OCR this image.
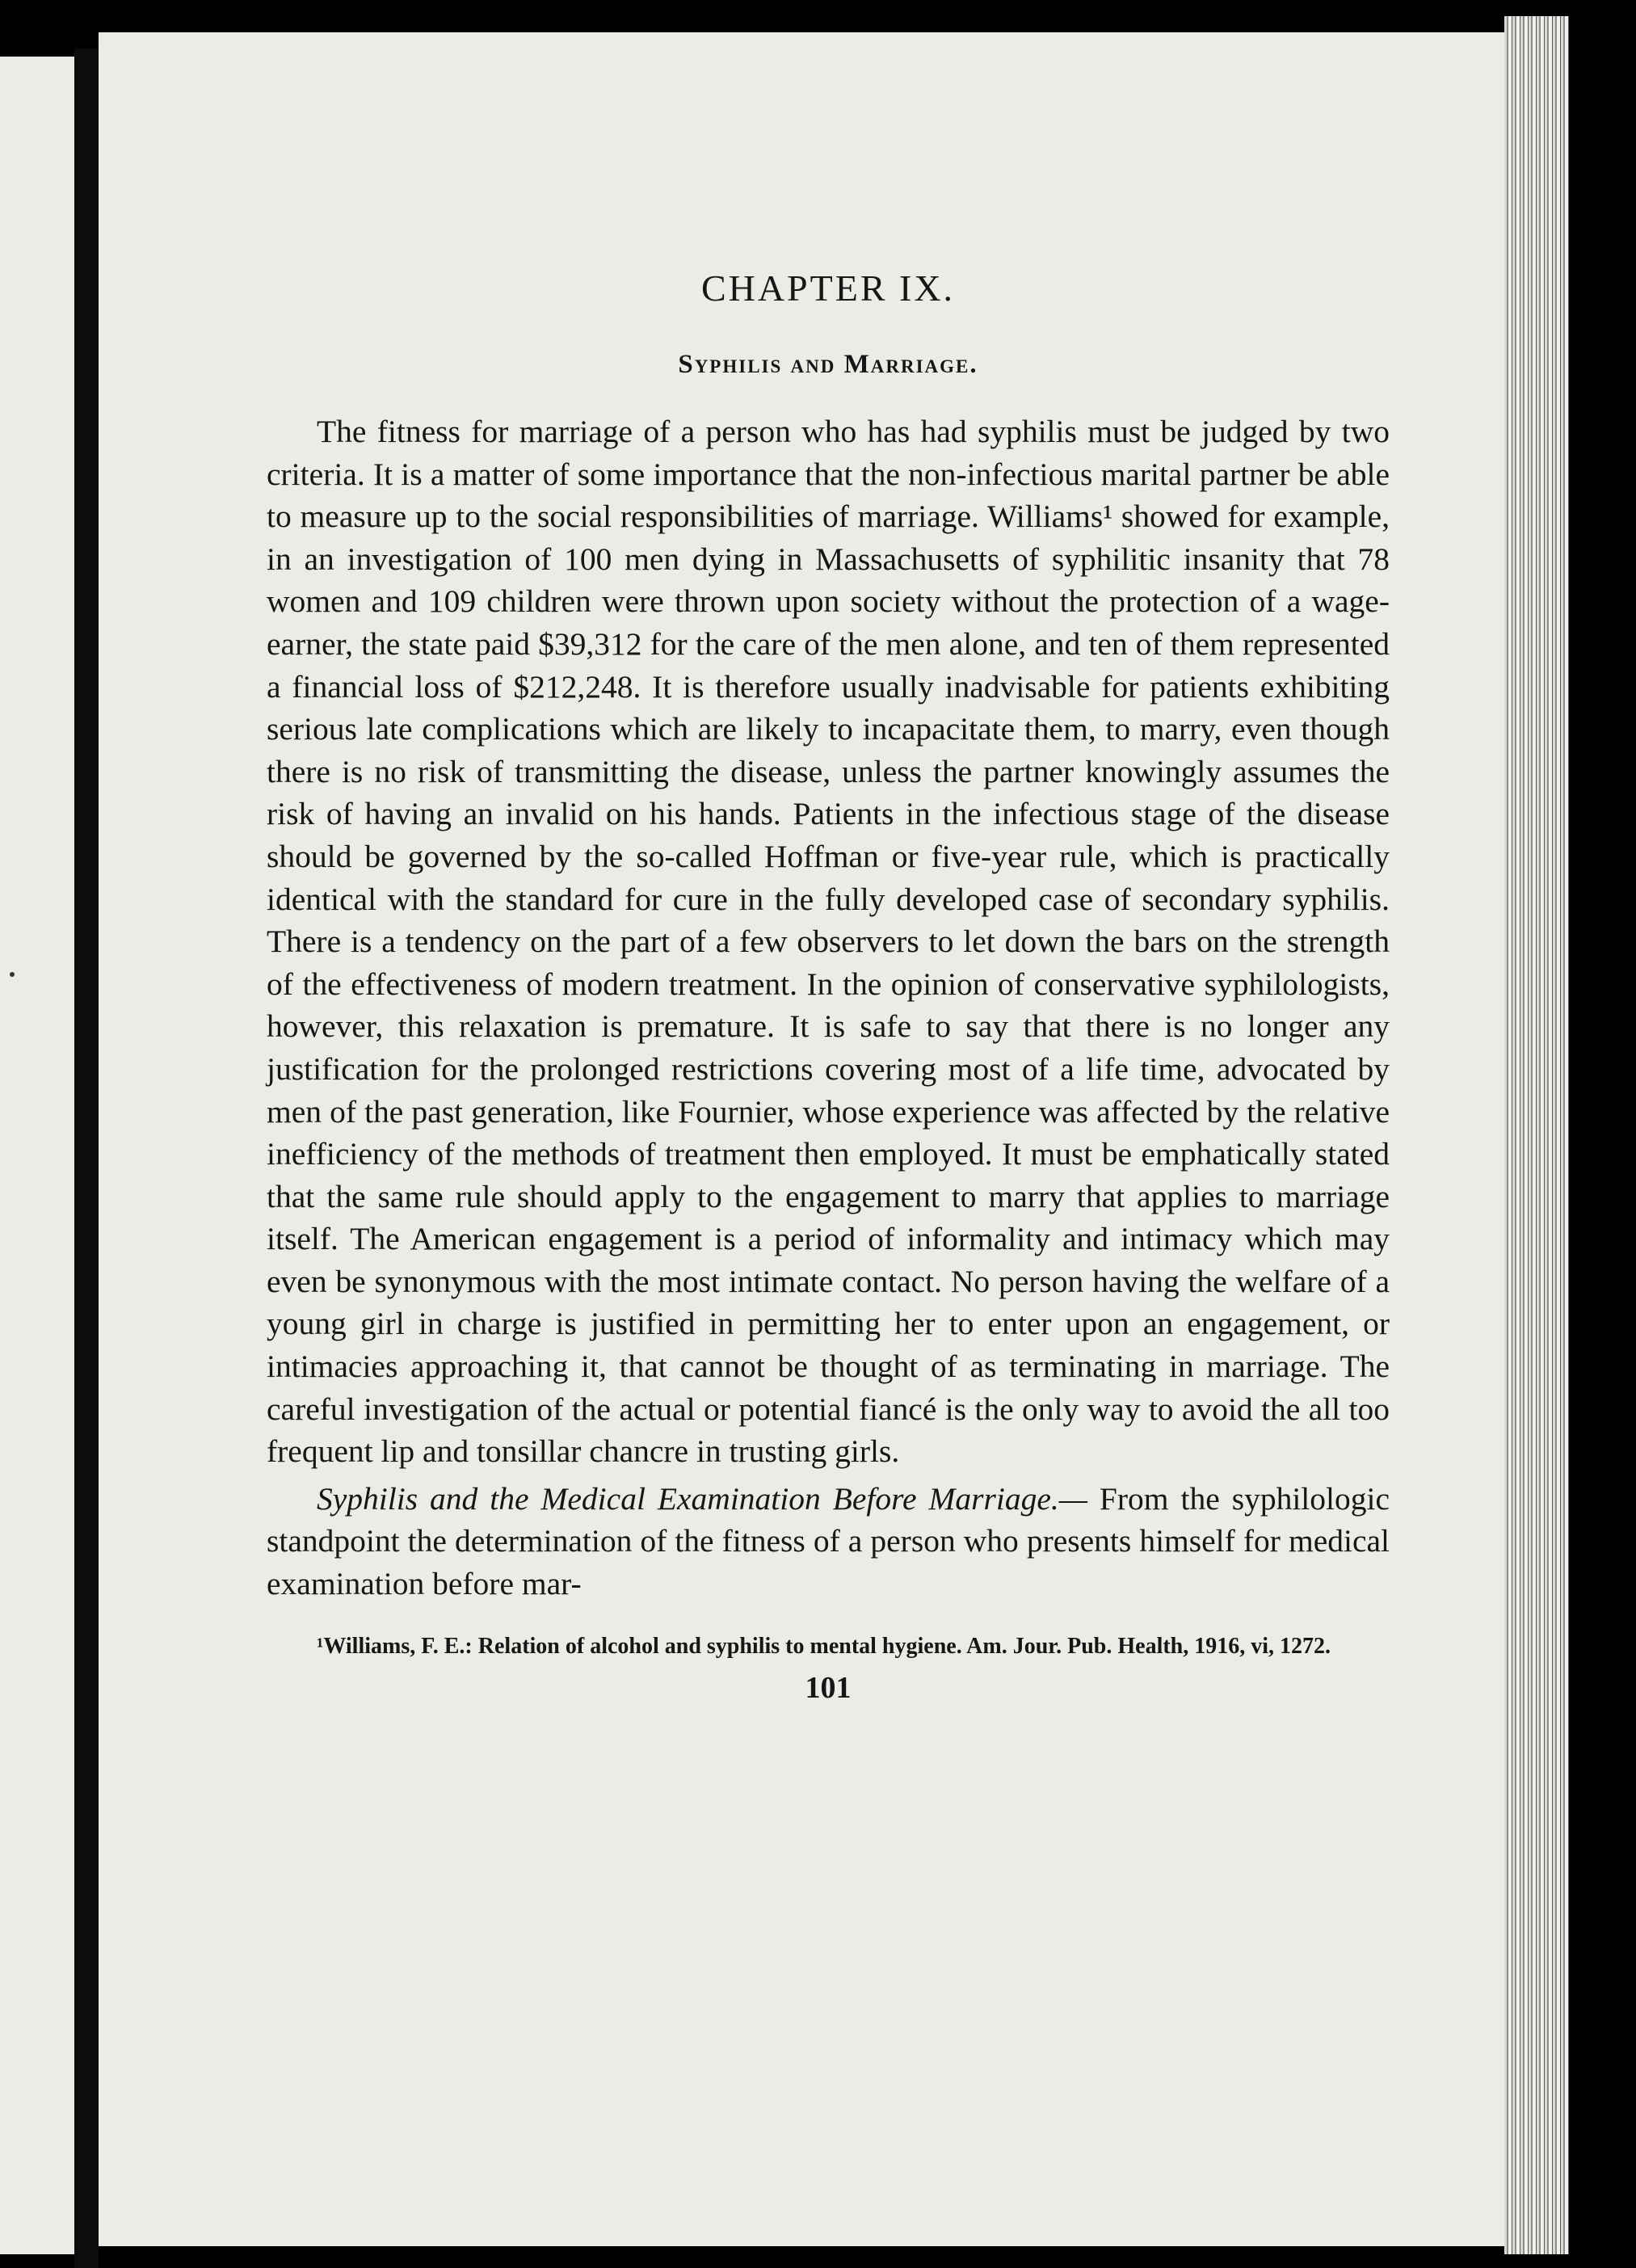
CHAPTER IX.
Syphilis and Marriage.

The fitness for marriage of a person who has had syphilis must be judged by two criteria. It is a matter of some importance that the non-infectious marital partner be able to measure up to the social responsibilities of marriage. Williams¹ showed for example, in an investigation of 100 men dying in Massachusetts of syphilitic insanity that 78 women and 109 children were thrown upon society without the protection of a wage-earner, the state paid $39,312 for the care of the men alone, and ten of them represented a financial loss of $212,248. It is therefore usually inadvisable for patients exhibiting serious late complications which are likely to incapacitate them, to marry, even though there is no risk of transmitting the disease, unless the partner knowingly assumes the risk of having an invalid on his hands. Patients in the infectious stage of the disease should be governed by the so-called Hoffman or five-year rule, which is practically identical with the standard for cure in the fully developed case of secondary syphilis. There is a tendency on the part of a few observers to let down the bars on the strength of the effectiveness of modern treatment. In the opinion of conservative syphilologists, however, this relaxation is premature. It is safe to say that there is no longer any justification for the prolonged restrictions covering most of a life time, advocated by men of the past generation, like Fournier, whose experience was affected by the relative inefficiency of the methods of treatment then employed. It must be emphatically stated that the same rule should apply to the engagement to marry that applies to marriage itself. The American engagement is a period of informality and intimacy which may even be synonymous with the most intimate contact. No person having the welfare of a young girl in charge is justified in permitting her to enter upon an engagement, or intimacies approaching it, that cannot be thought of as terminating in marriage. The careful investigation of the actual or potential fiancé is the only way to avoid the all too frequent lip and tonsillar chancre in trusting girls.

Syphilis and the Medical Examination Before Marriage.— From the syphilologic standpoint the determination of the fitness of a person who presents himself for medical examination before mar-

¹Williams, F. E.: Relation of alcohol and syphilis to mental hygiene. Am. Jour. Pub. Health, 1916, vi, 1272.

101
